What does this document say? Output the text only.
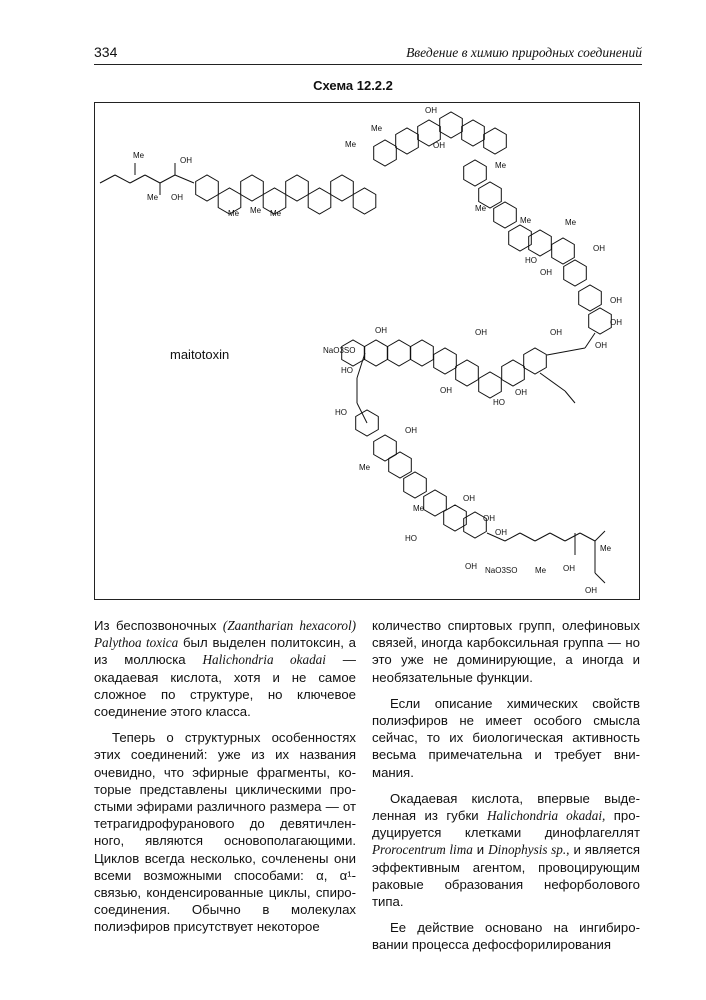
334	Введение в химию природных соединений
Схема 12.2.2
Me
OH
Me OH
Me Me Me
Me
Me
OH
OH
Me
Me
Me	Me
OH
HO
OH
OH
OH
OH
NaO3SO
OH	OH	OH
OH	OH
HO
HO
HO
OH
Me
Me
OH
OH
HO
OH NaO3SO Me OH
OH
OH
Me
maitotoxin

Из беспозвоночных (Zaantharian hexacorol) Palythoa toxica был выделен политоксин, а из моллюска Halichondria okadai — окадаевая кислота, хотя и не самое сложное по структуре, но ключевое соединение этого класса.

Теперь о структурных особенностях этих соединений: уже из их названия очевидно, что эфирные фрагменты, которые представлены циклическими простыми эфирами различного размера — от тетрагидрофуранового до девятичленного, являются основополагающими. Циклов всегда несколько, сочленены они всеми возможными способами: α, α¹-связью, конденсированные циклы, спиро-соединения. Обычно в молекулах полиэфиров присутствует некоторое

количество спиртовых групп, олефиновых связей, иногда карбоксильная группа — но это уже не доминирующие, а иногда и необязательные функции.

Если описание химических свойств полиэфиров не имеет особого смысла сейчас, то их биологическая активность весьма примечательна и требует внимания.

Окадаевая кислота, впервые выделенная из губки Halichondria okadai, продуцируется клетками динофлагеллят Prorocentrum lima и Dinophysis sp., и является эффективным агентом, провоцирующим раковые образования нефорболового типа.

Ее действие основано на ингибировании процесса дефосфорилирования
